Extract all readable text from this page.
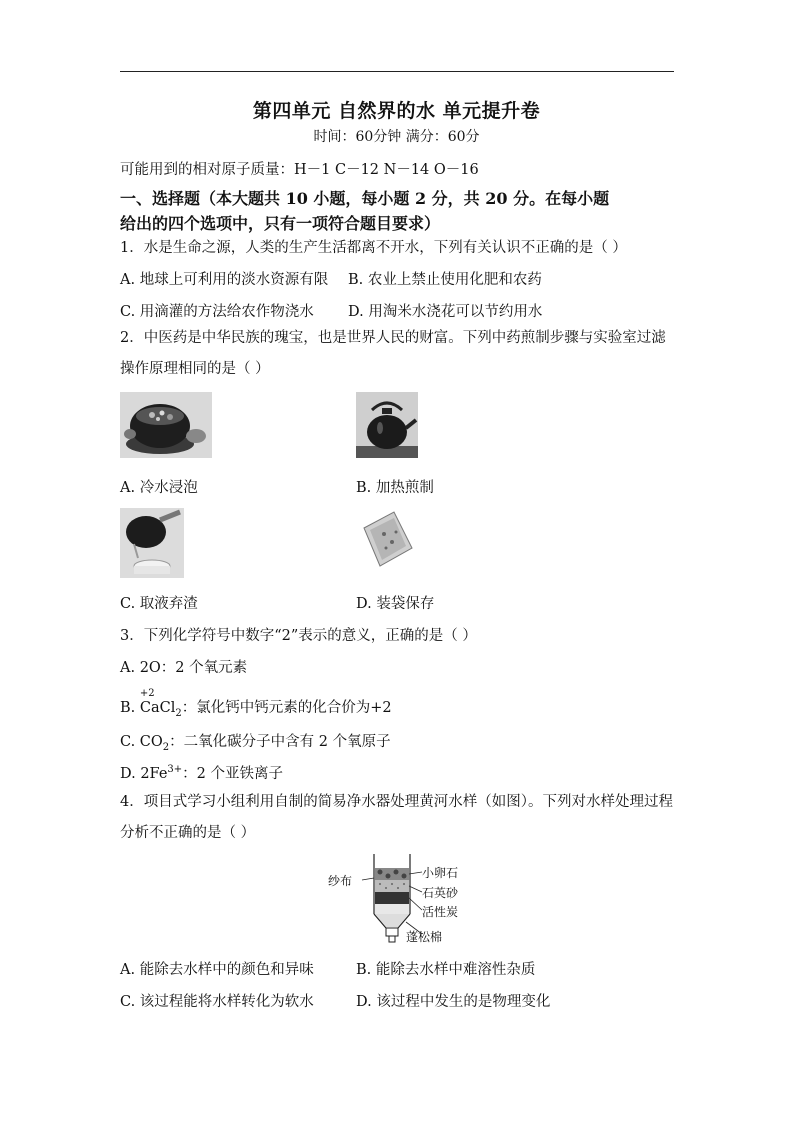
第四单元 自然界的水 单元提升卷
时间：60分钟 满分：60分
可能用到的相对原子质量：H－1 C－12 N－14 O－16
一、选择题（本大题共 10 小题，每小题 2 分，共 20 分。在每小题
给出的四个选项中，只有一项符合题目要求）
1．水是生命之源，人类的生产生活都离不开水，下列有关认识不正确的是（ ）
A. 地球上可利用的淡水资源有限 B. 农业上禁止使用化肥和农药
C. 用滴灌的方法给农作物浇水 D. 用淘米水浇花可以节约用水
2．中医药是中华民族的瑰宝，也是世界人民的财富。下列中药煎制步骤与实验室过滤操作原理相同的是（ ）
A. 冷水浸泡	B. 加热煎制
C. 取液弃渣	D. 装袋保存
3．下列化学符号中数字“2”表示的意义，正确的是（ ）
A. 2O：2 个氧元素
B.
+2
CaCl$_2$：氯化钙中钙元素的化合价为+2
C. $CO_2$：二氧化碳分子中含有 2 个氧原子
D. $2Fe^{3+}$：2 个亚铁离子
4．项目式学习小组利用自制的简易净水器处理黄河水样（如图）。下列对水样处理过程分析不正确的是（ ）
纱布
小卵石
石英砂
活性炭
蓬松棉
A. 能除去水样中的颜色和异味	B. 能除去水样中难溶性杂质
C. 该过程能将水样转化为软水	D. 该过程中发生的是物理变化
